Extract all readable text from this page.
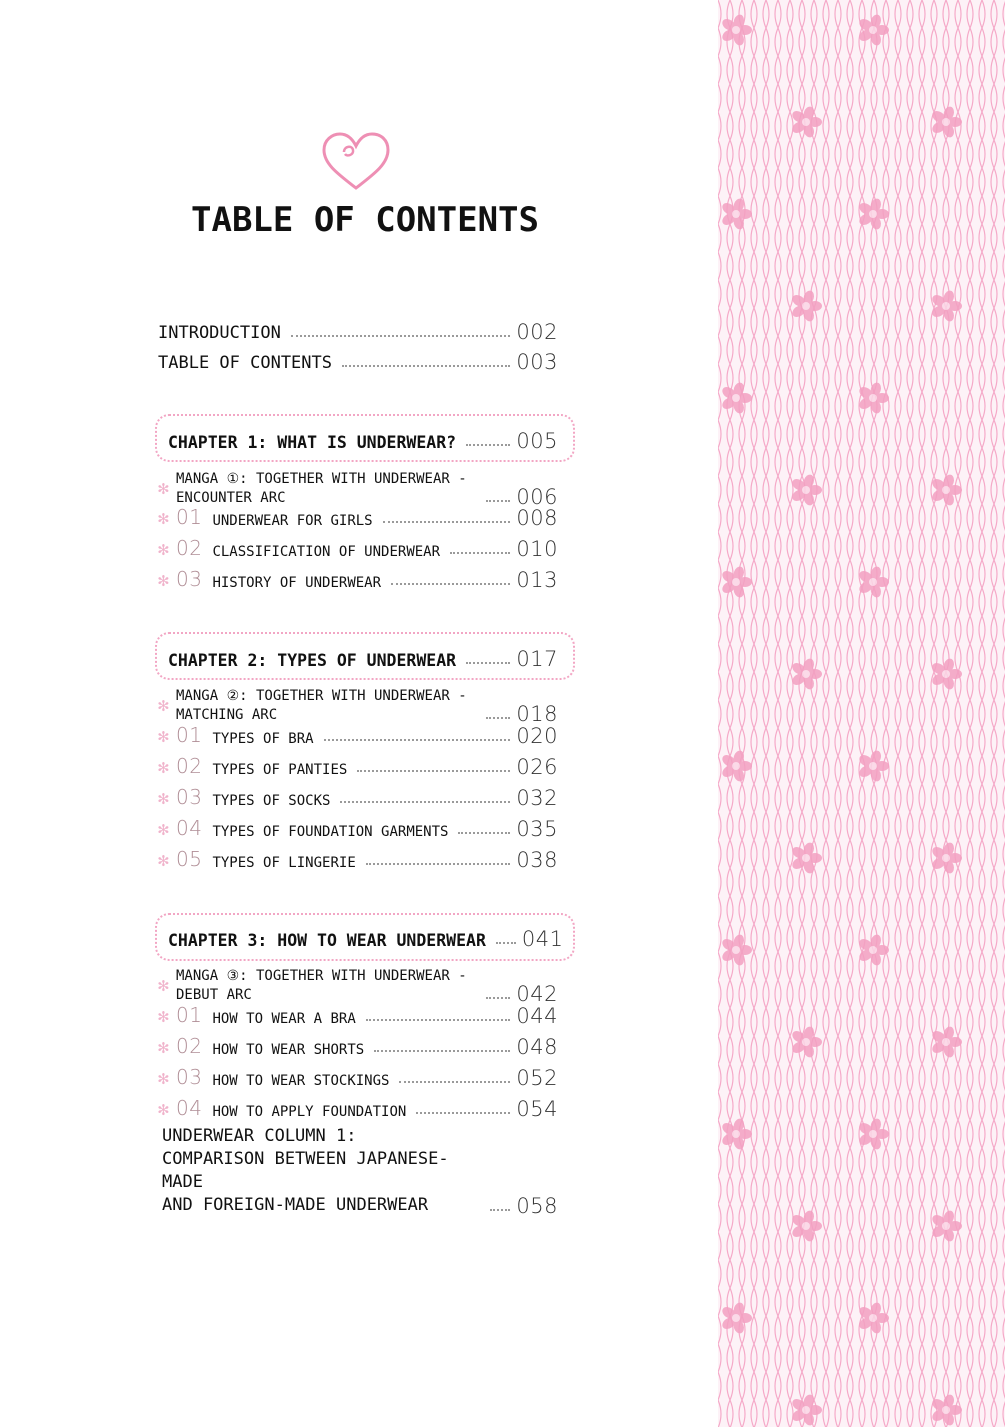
TABLE OF CONTENTS
INTRODUCTION	002
TABLE OF CONTENTS	003
CHAPTER 1: WHAT IS UNDERWEAR?	005
✻ MANGA ①: TOGETHER WITH UNDERWEAR -
ENCOUNTER ARC	006
✻ 01 UNDERWEAR FOR GIRLS	008
✻ 02 CLASSIFICATION OF UNDERWEAR	010
✻ 03 HISTORY OF UNDERWEAR	013
CHAPTER 2: TYPES OF UNDERWEAR	017
✻ MANGA ②: TOGETHER WITH UNDERWEAR -
MATCHING ARC	018
✻ 01 TYPES OF BRA	020
✻ 02 TYPES OF PANTIES	026
✻ 03 TYPES OF SOCKS	032
✻ 04 TYPES OF FOUNDATION GARMENTS	035
✻ 05 TYPES OF LINGERIE	038
CHAPTER 3: HOW TO WEAR UNDERWEAR 041
✻ MANGA ③: TOGETHER WITH UNDERWEAR -
DEBUT ARC	042
✻ 01 HOW TO WEAR A BRA	044
✻ 02 HOW TO WEAR SHORTS	048
✻ 03 HOW TO WEAR STOCKINGS	052
✻ 04 HOW TO APPLY FOUNDATION	054
UNDERWEAR COLUMN 1:
COMPARISON BETWEEN JAPANESE-MADE
AND FOREIGN-MADE UNDERWEAR	058
